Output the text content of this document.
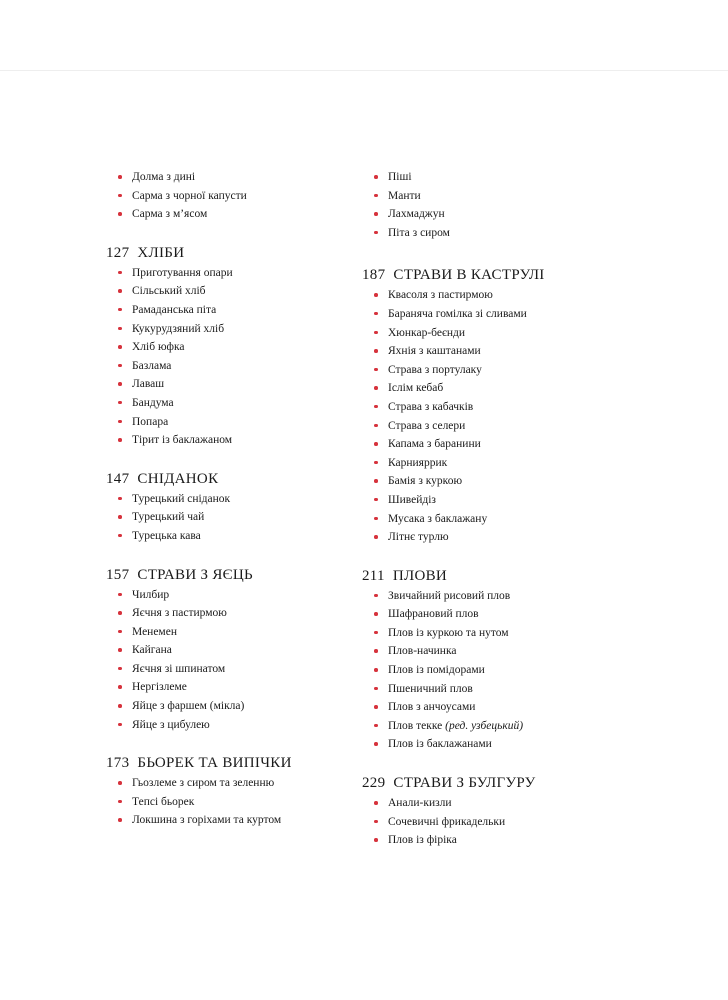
Долма з дині
Сарма з чорної капусти
Сарма з м’ясом
127 ХЛІБИ
Приготування опари
Сільський хліб
Рамаданська піта
Кукурудзяний хліб
Хліб юфка
Базлама
Лаваш
Бандума
Попара
Тірит із баклажаном
147 СНІДАНОК
Турецький сніданок
Турецький чай
Турецька кава
157 СТРАВИ З ЯЄЦЬ
Чилбир
Яєчня з пастирмою
Менемен
Кайгана
Яєчня зі шпинатом
Нергізлеме
Яйце з фаршем (мікла)
Яйце з цибулею
173 БЬОРЕК ТА ВИПІЧКИ
Гьозлеме з сиром та зеленню
Тепсі бьорек
Локшина з горіхами та куртом
Піші
Манти
Лахмаджун
Піта з сиром
187 СТРАВИ В КАСТРУЛІ
Квасоля з пастирмою
Бараняча гомілка зі сливами
Хюнкар-беєнди
Яхнія з каштанами
Страва з портулаку
Іслім кебаб
Страва з кабачків
Страва з селери
Капама з баранини
Карнияррик
Бамія з куркою
Шивейдіз
Мусака з баклажану
Літнє турлю
211 ПЛОВИ
Звичайний рисовий плов
Шафрановий плов
Плов із куркою та нутом
Плов-начинка
Плов із помідорами
Пшеничний плов
Плов з анчоусами
Плов текке (ред. узбецький)
Плов із баклажанами
229 СТРАВИ З БУЛГУРУ
Анали-кизли
Сочевичні фрикадельки
Плов із фіріка
